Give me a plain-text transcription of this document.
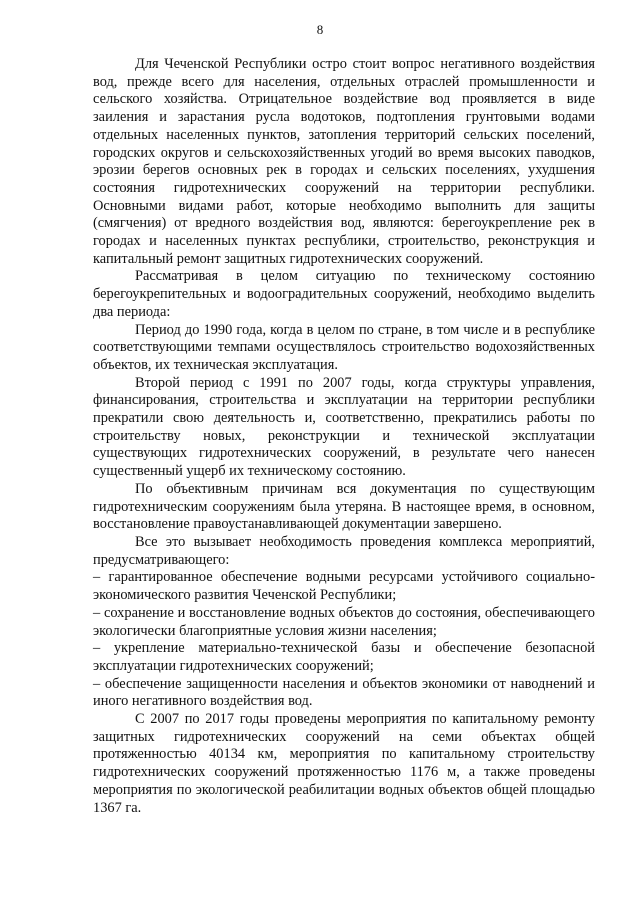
8

Для Чеченской Республики остро стоит вопрос негативного воздействия вод, прежде всего для населения, отдельных отраслей промышленности и сельского хозяйства. Отрицательное воздействие вод проявляется в виде заиления и зарастания русла водотоков, подтопления грунтовыми водами отдельных населенных пунктов, затопления территорий сельских поселений, городских округов и сельскохозяйственных угодий во время высоких паводков, эрозии берегов основных рек в городах и сельских поселениях, ухудшения состояния гидротехнических сооружений на территории республики. Основными видами работ, которые необходимо выполнить для защиты (смягчения) от вредного воздействия вод, являются: берегоукрепление рек в городах и населенных пунктах республики, строительство, реконструкция и капитальный ремонт защитных гидротехнических сооружений.

Рассматривая в целом ситуацию по техническому состоянию берегоукрепительных и водооградительных сооружений, необходимо выделить два периода:

Период до 1990 года, когда в целом по стране, в том числе и в республике соответствующими темпами осуществлялось строительство водохозяйственных объектов, их техническая эксплуатация.

Второй период с 1991 по 2007 годы, когда структуры управления, финансирования, строительства и эксплуатации на территории республики прекратили свою деятельность и, соответственно, прекратились работы по строительству новых, реконструкции и технической эксплуатации существующих гидротехнических сооружений, в результате чего нанесен существенный ущерб их техническому состоянию.

По объективным причинам вся документация по существующим гидротехническим сооружениям была утеряна. В настоящее время, в основном, восстановление правоустанавливающей документации завершено.

Все это вызывает необходимость проведения комплекса мероприятий, предусматривающего:

– гарантированное обеспечение водными ресурсами устойчивого социально-экономического развития Чеченской Республики;

– сохранение и восстановление водных объектов до состояния, обеспечивающего экологически благоприятные условия жизни населения;

– укрепление материально-технической базы и обеспечение безопасной эксплуатации гидротехнических сооружений;

– обеспечение защищенности населения и объектов экономики от наводнений и иного негативного воздействия вод.

С 2007 по 2017 годы проведены мероприятия по капитальному ремонту защитных гидротехнических сооружений на семи объектах общей протяженностью 40134 км, мероприятия по капитальному строительству гидротехнических сооружений протяженностью 1176 м, а также проведены мероприятия по экологической реабилитации водных объектов общей площадью 1367 га.
